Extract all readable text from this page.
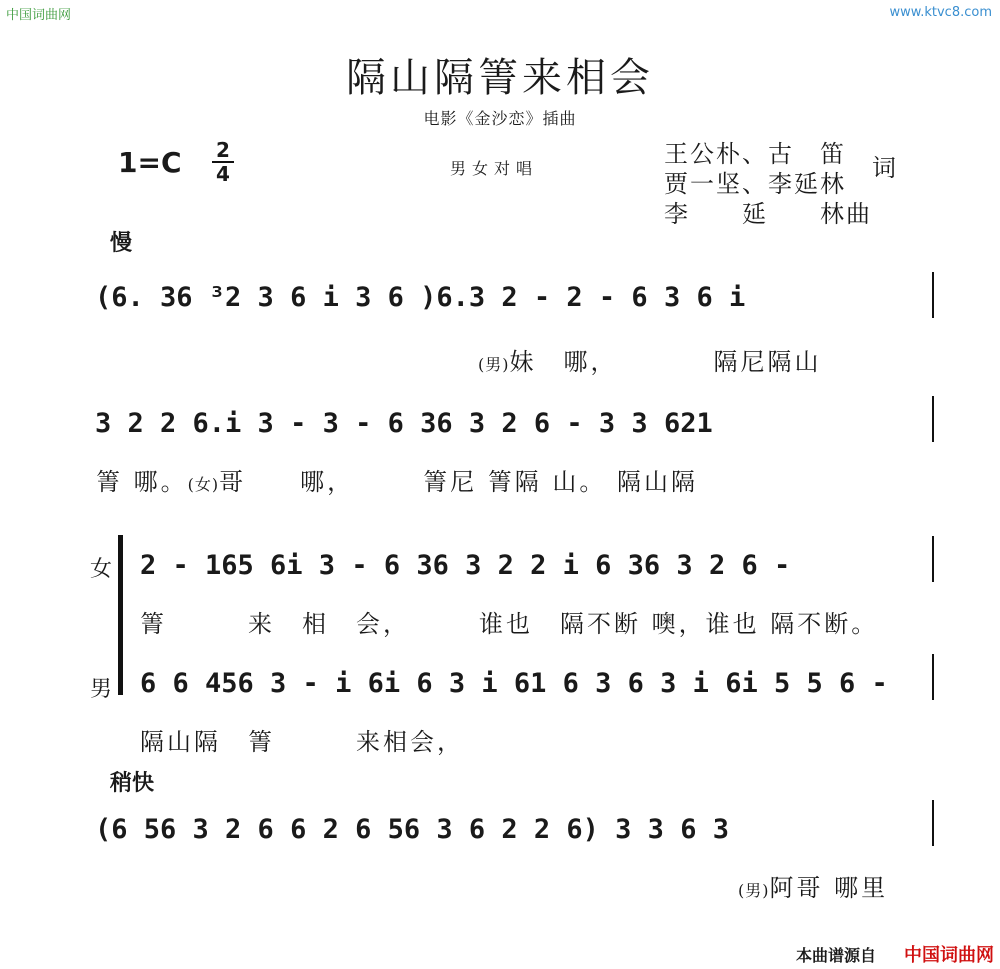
中国词曲网	www.ktvc8.com
隔山隔箐来相会
电影《金沙恋》插曲
1=C 2
4	男女对唱
王公朴、古　笛
贾一坚、李延林
李　　延　　林曲
词
慢
(6. 36 ³2 3 6 i 3 6 )6.3 2 - 2 - 6 3 6 i
(男)妹　哪，　　　　隔尼隔山
3 2 2 6.i 3 - 3 - 6 36 3 2 6 - 3 3 621
箐 哪。(女)哥　　哪，　　　箐尼 箐隔 山。 隔山隔
女 2 - 165 6i 3 - 6 36 3 2 2 i 6 36 3 2 6 -
箐　　　来　相　会，　　　谁也　隔不断 噢，谁也 隔不断。
男 6 6 456 3 - i 6i 6 3 i 61 6 3 6 3 i 6i 5 5 6 -
隔山隔　箐　　　来相会，
稍快
(6 56 3 2 6 6 2 6 56 3 6 2 2 6) 3 3 6 3
(男)阿哥 哪里
本曲谱源自 中国词曲网
